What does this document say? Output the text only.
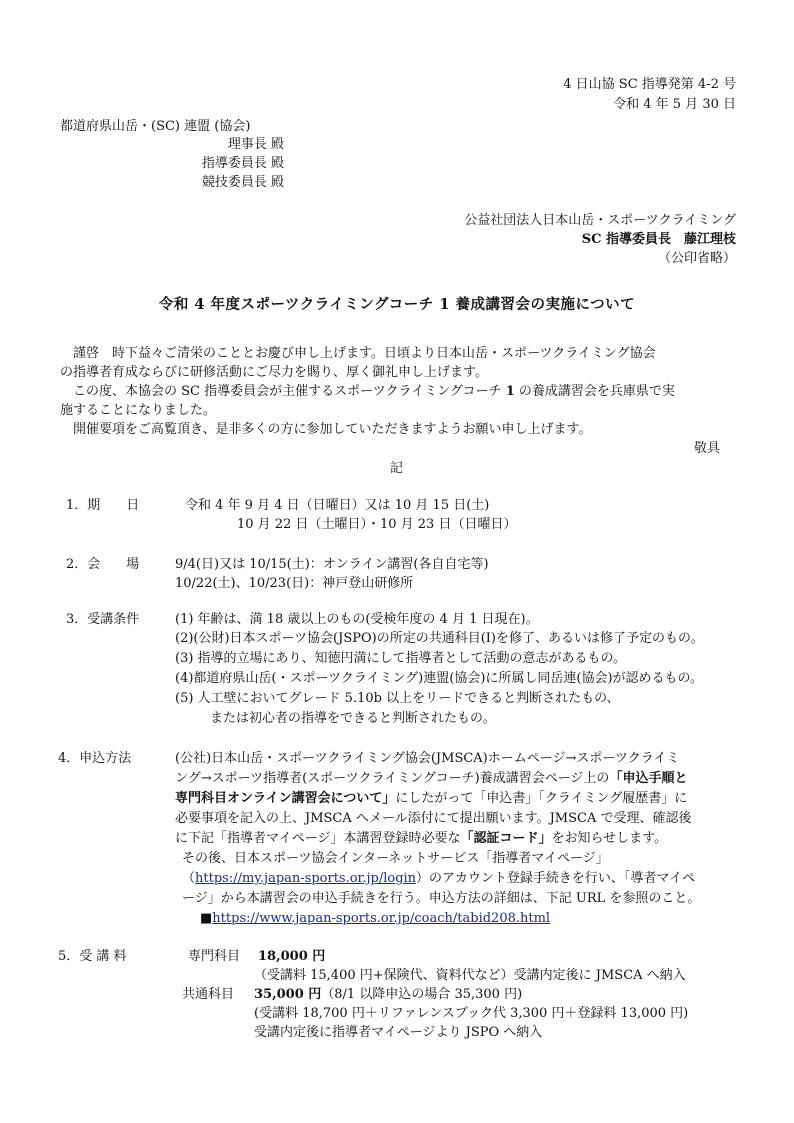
4 日山協 SC 指導発第 4-2 号
令和 4 年 5 月 30 日
都道府県山岳・(SC) 連盟 (協会)
理事長 殿
指導委員長 殿
競技委員長 殿
公益社団法人日本山岳・スポーツクライミング
SC 指導委員長　藤江理枝
（公印省略）
令和 4 年度スポーツクライミングコーチ 1 養成講習会の実施について
謹啓　時下益々ご清栄のこととお慶び申し上げます。日頃より日本山岳・スポーツクライミング協会
の指導者育成ならびに研修活動にご尽力を賜り、厚く御礼申し上げます。
この度、本協会の SC 指導委員会が主催するスポーツクライミングコーチ 1 の養成講習会を兵庫県で実
施することになりました。
開催要項をご高覧頂き、是非多くの方に参加していただきますようお願い申し上げます。
敬具
記
1．期　　日	令和 4 年 9 月 4 日（日曜日）又は 10 月 15 日(土)
10 月 22 日（土曜日）・10 月 23 日（日曜日）
2．会　　場	9/4(日)又は 10/15(土)：オンライン講習(各自自宅等)
10/22(土)、10/23(日)：神戸登山研修所
3．受講条件	(1) 年齢は、満 18 歳以上のもの(受検年度の 4 月 1 日現在)。
(2)(公財)日本スポーツ協会(JSPO)の所定の共通科目(Ⅰ)を修了、あるいは修了予定のもの。
(3) 指導的立場にあり、知徳円満にして指導者として活動の意志があるもの。
(4)都道府県山岳(・スポーツクライミング)連盟(協会)に所属し同岳連(協会)が認めるもの。
(5) 人工壁においてグレード 5.10b 以上をリードできると判断されたもの、
または初心者の指導をできると判断されたもの。
4．申込方法	(公社)日本山岳・スポーツクライミング協会(JMSCA)ホームページ→スポーツクライミ
ング→スポーツ指導者(スポーツクライミングコーチ)養成講習会ページ上の「申込手順と
専門科目オンライン講習会について」にしたがって「申込書」「クライミング履歴書」に
必要事項を記入の上、JMSCA へメール添付にて提出願います。JMSCA で受理、確認後
に下記「指導者マイページ」本講習登録時必要な「認証コード」をお知らせします。
その後、日本スポーツ協会インターネットサービス「指導者マイページ」
（https://my.japan-sports.or.jp/login）のアカウント登録手続きを行い、「導者マイペ
ージ」から本講習会の申込手続きを行う。申込方法の詳細は、下記 URL を参照のこと。
■https://www.japan-sports.or.jp/coach/tabid208.html
5．受 講 料	専門科目 18,000 円
（受講料 15,400 円+保険代、資料代など）受講内定後に JMSCA へ納入
共通科目 35,000 円（8/1 以降申込の場合 35,300 円)
(受講料 18,700 円＋リファレンスブック代 3,300 円＋登録料 13,000 円)
受講内定後に指導者マイページより JSPO へ納入
